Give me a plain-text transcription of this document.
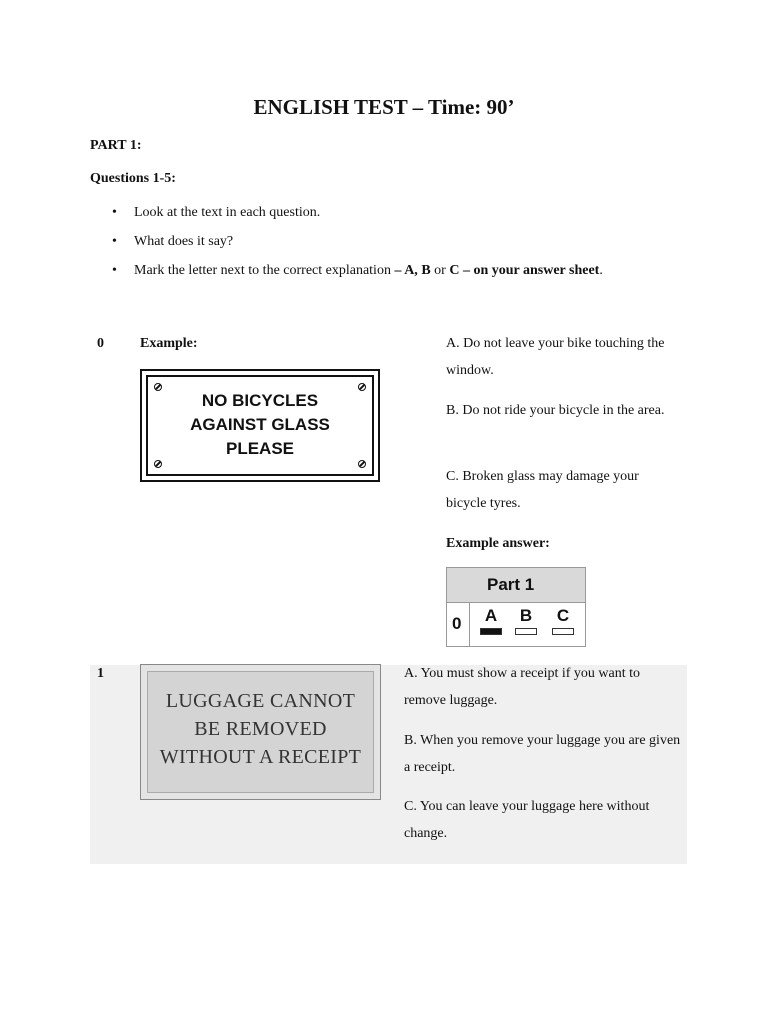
ENGLISH TEST – Time: 90’
PART 1:
Questions 1-5:
• Look at the text in each question.
• What does it say?
• Mark the letter next to the correct explanation – A, B or C – on your answer sheet.
0	Example:
NO BICYCLES
AGAINST GLASS
PLEASE
A. Do not leave your bike touching the window.
B. Do not ride your bicycle in the area.
C. Broken glass may damage your bicycle tyres.
Example answer:
Part 1
0	A	B	C
1
LUGGAGE CANNOT
BE REMOVED
WITHOUT A RECEIPT
A. You must show a receipt if you want to remove luggage.
B. When you remove your luggage you are given a receipt.
C. You can leave your luggage here without change.
